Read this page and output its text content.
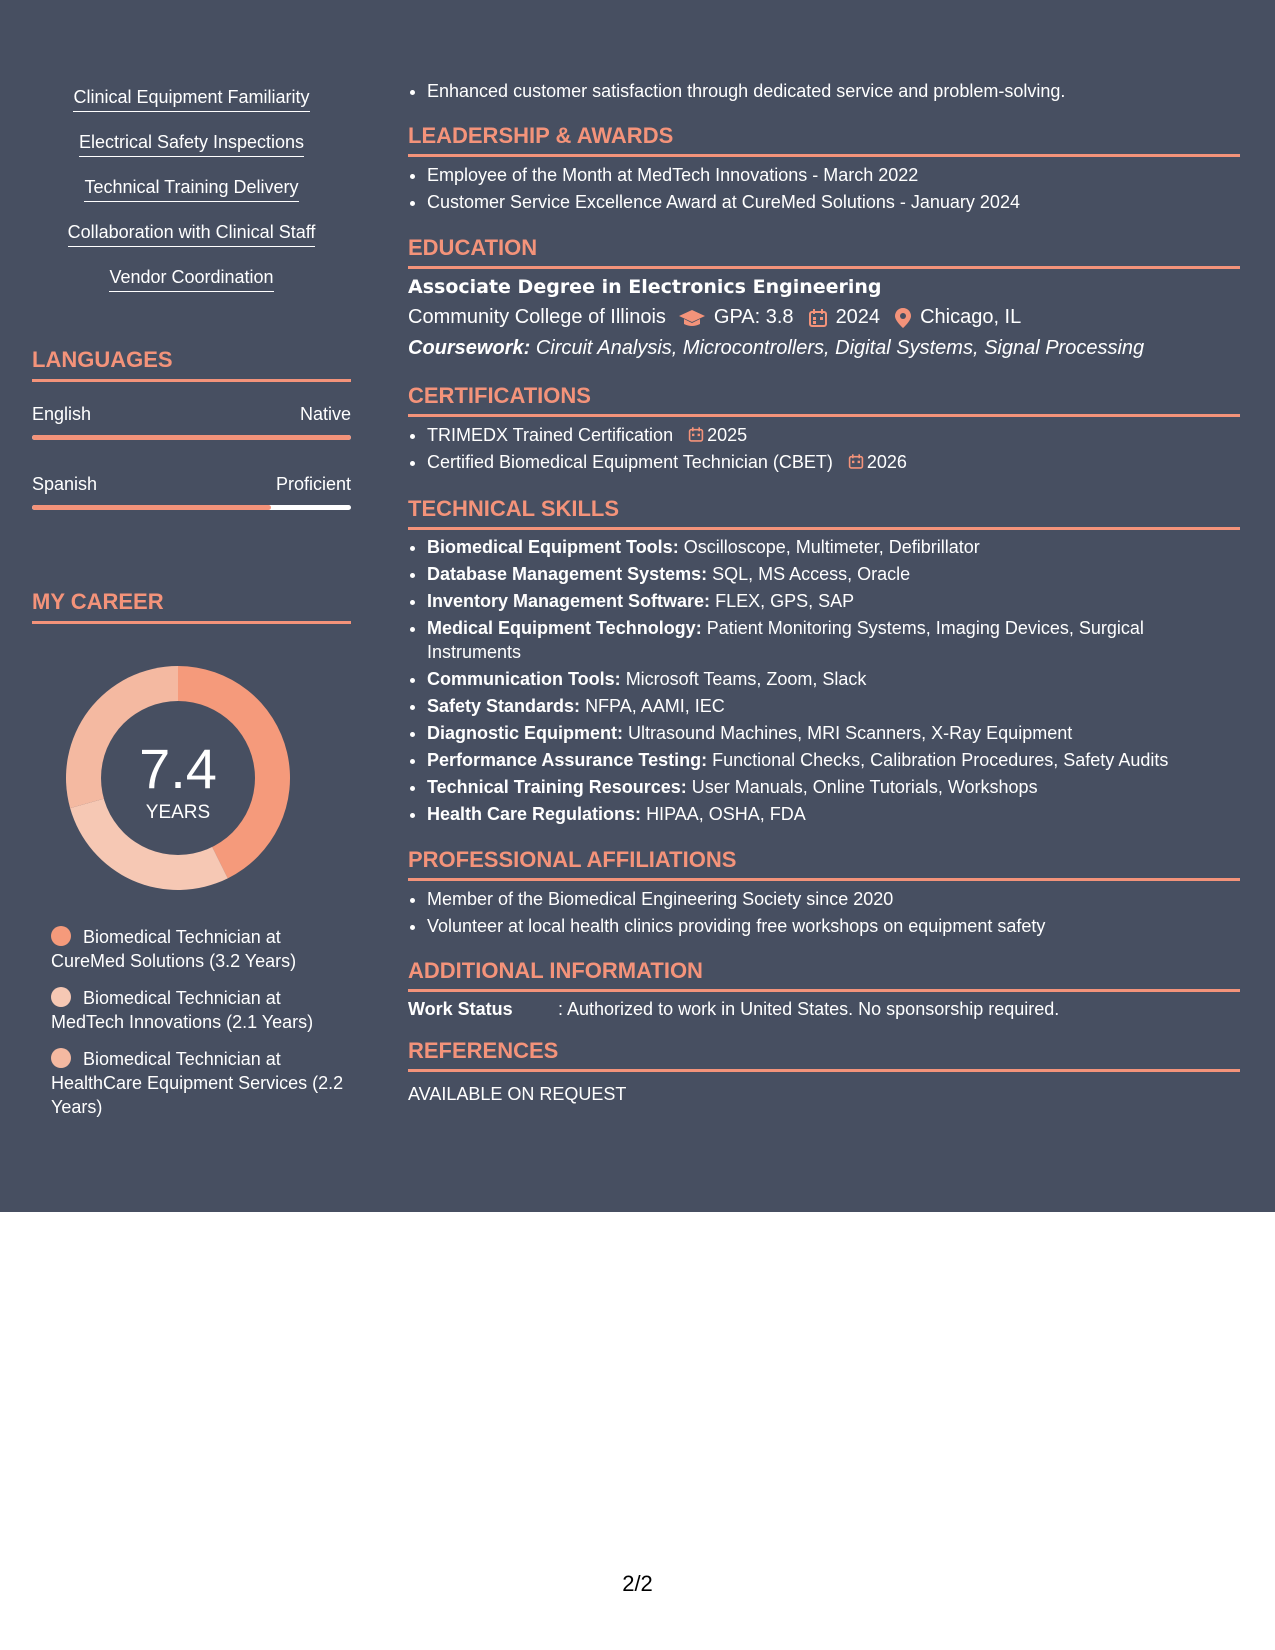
Clinical Equipment Familiarity
Electrical Safety Inspections
Technical Training Delivery
Collaboration with Clinical Staff
Vendor Coordination
LANGUAGES
English	Native
Spanish	Proficient
MY CAREER
7.4
YEARS
Biomedical Technician at CureMed Solutions (3.2 Years)
Biomedical Technician at MedTech Innovations (2.1 Years)
Biomedical Technician at HealthCare Equipment Services (2.2 Years)
• Enhanced customer satisfaction through dedicated service and problem-solving.
LEADERSHIP & AWARDS
• Employee of the Month at MedTech Innovations - March 2022
• Customer Service Excellence Award at CureMed Solutions - January 2024
EDUCATION
Associate Degree in Electronics Engineering
Community College of Illinois GPA: 3.8 2024 Chicago, IL
Coursework: Circuit Analysis, Microcontrollers, Digital Systems, Signal Processing
CERTIFICATIONS
• TRIMEDX Trained Certification 2025
• Certified Biomedical Equipment Technician (CBET) 2026
TECHNICAL SKILLS
• Biomedical Equipment Tools: Oscilloscope, Multimeter, Defibrillator
• Database Management Systems: SQL, MS Access, Oracle
• Inventory Management Software: FLEX, GPS, SAP
• Medical Equipment Technology: Patient Monitoring Systems, Imaging Devices, Surgical Instruments
• Communication Tools: Microsoft Teams, Zoom, Slack
• Safety Standards: NFPA, AAMI, IEC
• Diagnostic Equipment: Ultrasound Machines, MRI Scanners, X-Ray Equipment
• Performance Assurance Testing: Functional Checks, Calibration Procedures, Safety Audits
• Technical Training Resources: User Manuals, Online Tutorials, Workshops
• Health Care Regulations: HIPAA, OSHA, FDA
PROFESSIONAL AFFILIATIONS
• Member of the Biomedical Engineering Society since 2020
• Volunteer at local health clinics providing free workshops on equipment safety
ADDITIONAL INFORMATION
Work Status	: Authorized to work in United States. No sponsorship required.
REFERENCES
AVAILABLE ON REQUEST
2/2
